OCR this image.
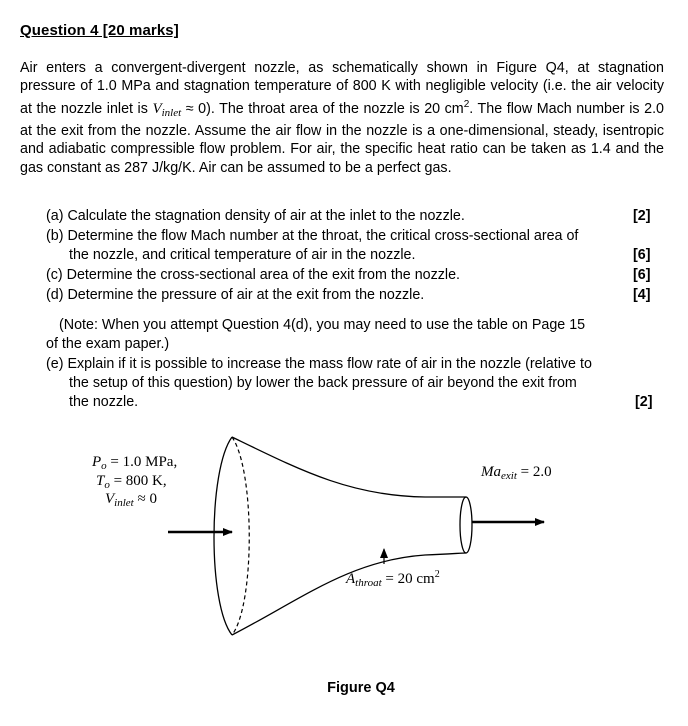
Question 4 [20 marks]
Air enters a convergent-divergent nozzle, as schematically shown in Figure Q4, at stagnation pressure of 1.0 MPa and stagnation temperature of 800 K with negligible velocity (i.e. the air velocity at the nozzle inlet is $V_{inlet} \approx 0$). The throat area of the nozzle is 20 $cm^2$. The flow Mach number is 2.0 at the exit from the nozzle. Assume the air flow in the nozzle is a one-dimensional, steady, isentropic and adiabatic compressible flow problem. For air, the specific heat ratio can be taken as 1.4 and the gas constant as 287 J/kg/K. Air can be assumed to be a perfect gas.
(a) Calculate the stagnation density of air at the inlet to the nozzle.	[2]
(b) Determine the flow Mach number at the throat, the critical cross-sectional area of
the nozzle, and critical temperature of air in the nozzle.	[6]
(c) Determine the cross-sectional area of the exit from the nozzle.	[6]
(d) Determine the pressure of air at the exit from the nozzle.	[4]
(Note: When you attempt Question 4(d), you may need to use the table on Page 15
of the exam paper.)
(e) Explain if it is possible to increase the mass flow rate of air in the nozzle (relative to
the setup of this question) by lower the back pressure of air beyond the exit from
the nozzle.	[2]
$P_o = 1.0$ MPa,
$T_o = 800$ K,
$V_{inlet} \approx 0$
$Ma_{exit} = 2.0$
$A_{throat} = 20$ $cm^2$
Figure Q4
